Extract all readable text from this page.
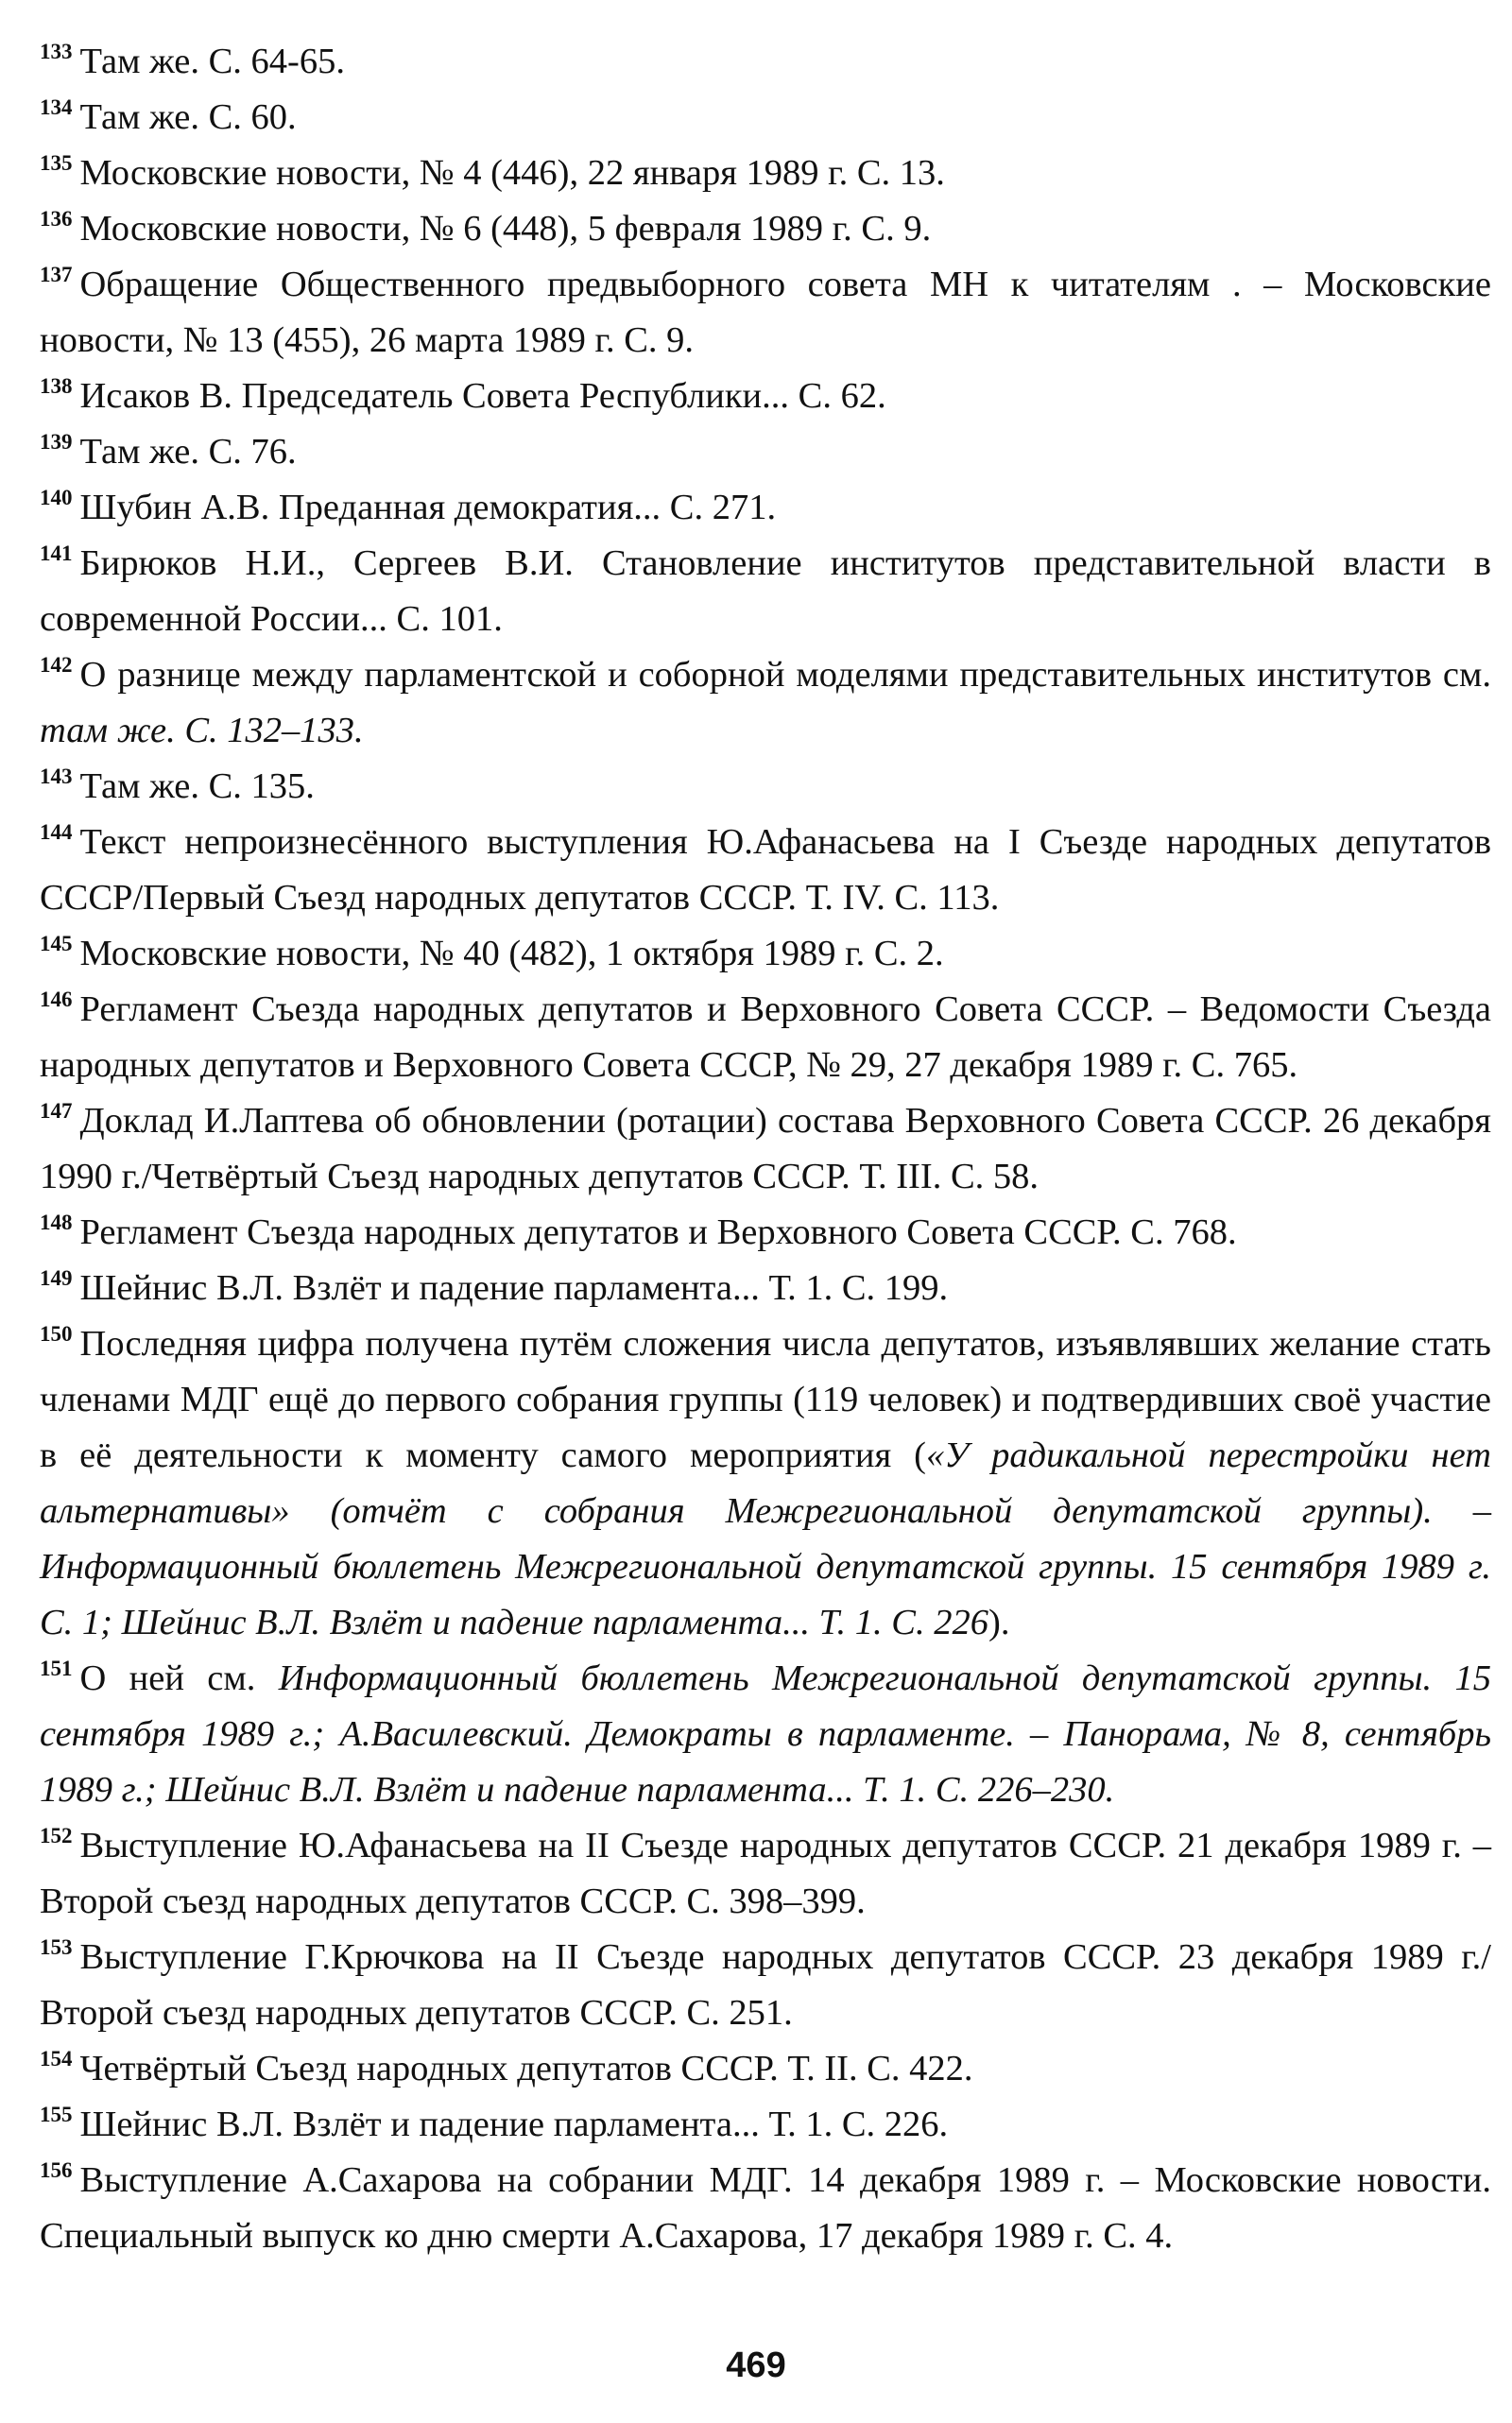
$^{133}$ Там же. С. 64-65.

$^{134}$ Там же. С. 60.

$^{135}$ Московские новости, № 4 (446), 22 января 1989 г. С. 13.

$^{136}$ Московские новости, № 6 (448), 5 февраля 1989 г. С. 9.

$^{137}$ Обращение Общественного предвыборного совета МН к читателям . – Московские новости, № 13 (455), 26 марта 1989 г. С. 9.

$^{138}$ Исаков В. Председатель Совета Республики... С. 62.

$^{139}$ Там же. С. 76.

$^{140}$ Шубин А.В. Преданная демократия... С. 271.

$^{141}$ Бирюков Н.И., Сергеев В.И. Становление институтов представительной власти в современной России... С. 101.

$^{142}$ О разнице между парламентской и соборной моделями представительных институтов см. там же. С. 132–133.

$^{143}$ Там же. С. 135.

$^{144}$ Текст непроизнесённого выступления Ю.Афанасьева на I Съезде народных депутатов СССР/Первый Съезд народных депутатов СССР. Т. IV. С. 113.

$^{145}$ Московские новости, № 40 (482), 1 октября 1989 г. С. 2.

$^{146}$ Регламент Съезда народных депутатов и Верховного Совета СССР. – Ведомости Съезда народных депутатов и Верховного Совета СССР, № 29, 27 декабря 1989 г. С. 765.

$^{147}$ Доклад И.Лаптева об обновлении (ротации) состава Верховного Совета СССР. 26 декабря 1990 г./Четвёртый Съезд народных депутатов СССР. Т. III. С. 58.

$^{148}$ Регламент Съезда народных депутатов и Верховного Совета СССР. С. 768.

$^{149}$ Шейнис В.Л. Взлёт и падение парламента... Т. 1. С. 199.

$^{150}$ Последняя цифра получена путём сложения числа депутатов, изъявлявших желание стать членами МДГ ещё до первого собрания группы (119 человек) и подтвердивших своё участие в её деятельности к моменту самого мероприятия («У радикальной перестройки нет альтернативы» (отчёт с собрания Межрегиональной депутатской группы). – Информационный бюллетень Межрегиональной депутатской группы. 15 сентября 1989 г. С. 1; Шейнис В.Л. Взлёт и падение парламента... Т. 1. С. 226).

$^{151}$ О ней см. Информационный бюллетень Межрегиональной депутатской группы. 15 сентября 1989 г.; А.Василевский. Демократы в парламенте. – Панорама, № 8, сентябрь 1989 г.; Шейнис В.Л. Взлёт и падение парламента... Т. 1. С. 226–230.

$^{152}$ Выступление Ю.Афанасьева на II Съезде народных депутатов СССР. 21 декабря 1989 г. – Второй съезд народных депутатов СССР. С. 398–399.

$^{153}$ Выступление Г.Крючкова на II Съезде народных депутатов СССР. 23 декабря 1989 г./Второй съезд народных депутатов СССР. С. 251.

$^{154}$ Четвёртый Съезд народных депутатов СССР. Т. II. С. 422.

$^{155}$ Шейнис В.Л. Взлёт и падение парламента... Т. 1. С. 226.

$^{156}$ Выступление А.Сахарова на собрании МДГ. 14 декабря 1989 г. – Московские новости. Специальный выпуск ко дню смерти А.Сахарова, 17 декабря 1989 г. С. 4.

469
